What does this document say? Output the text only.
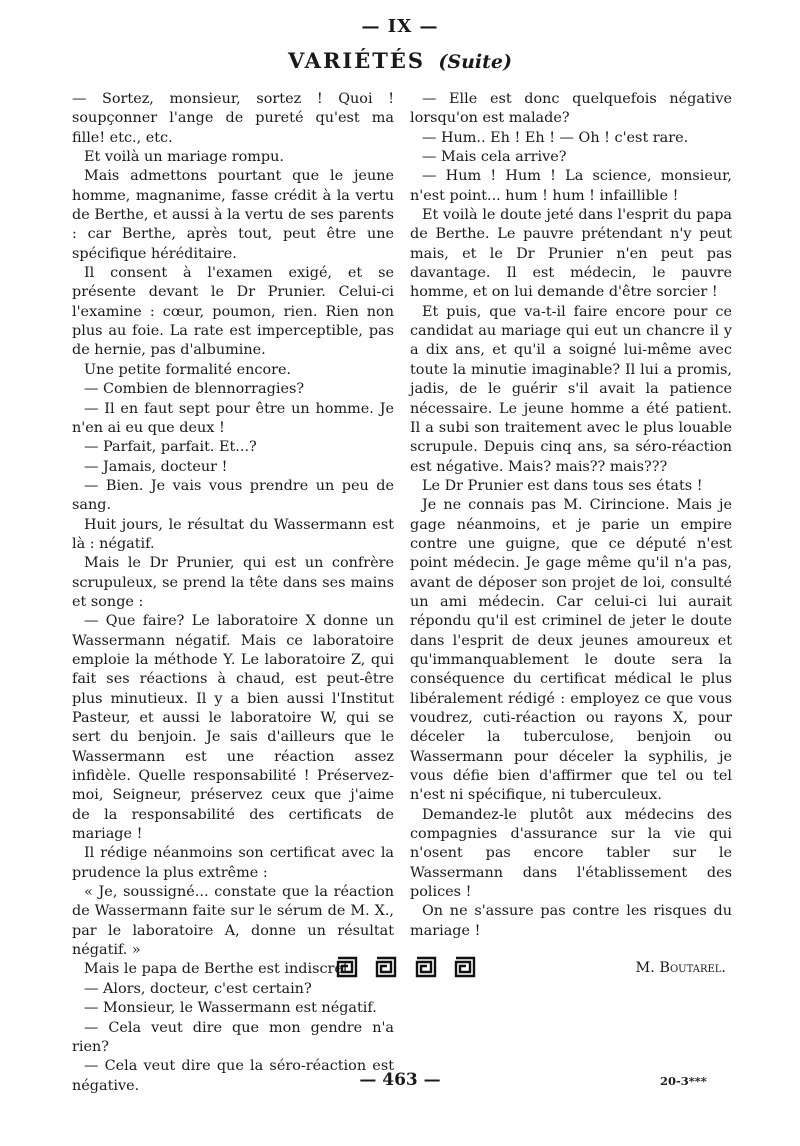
— IX —
VARIÉTÉS (Suite)

— Sortez, monsieur, sortez ! Quoi ! soupçonner l'ange de pureté qu'est ma fille! etc., etc.

Et voilà un mariage rompu.

Mais admettons pourtant que le jeune homme, magnanime, fasse crédit à la vertu de Berthe, et aussi à la vertu de ses parents : car Berthe, après tout, peut être une spécifique héréditaire.

Il consent à l'examen exigé, et se présente devant le Dr Prunier. Celui-ci l'examine : cœur, poumon, rien. Rien non plus au foie. La rate est imperceptible, pas de hernie, pas d'albumine.

Une petite formalité encore.

— Combien de blennorragies?

— Il en faut sept pour être un homme. Je n'en ai eu que deux !

— Parfait, parfait. Et...?

— Jamais, docteur !

— Bien. Je vais vous prendre un peu de sang.

Huit jours, le résultat du Wassermann est là : négatif.

Mais le Dr Prunier, qui est un confrère scrupuleux, se prend la tête dans ses mains et songe :

— Que faire? Le laboratoire X donne un Wassermann négatif. Mais ce laboratoire emploie la méthode Y. Le laboratoire Z, qui fait ses réactions à chaud, est peut-être plus minutieux. Il y a bien aussi l'Institut Pasteur, et aussi le laboratoire W, qui se sert du benjoin. Je sais d'ailleurs que le Wassermann est une réaction assez infidèle. Quelle responsabilité ! Préservez-moi, Seigneur, préservez ceux que j'aime de la responsabilité des certificats de mariage !

Il rédige néanmoins son certificat avec la prudence la plus extrême :

« Je, soussigné... constate que la réaction de Wassermann faite sur le sérum de M. X., par le laboratoire A, donne un résultat négatif. »

Mais le papa de Berthe est indiscret :

— Alors, docteur, c'est certain?

— Monsieur, le Wassermann est négatif.

— Cela veut dire que mon gendre n'a rien?

— Cela veut dire que la séro-réaction est négative.

— Elle est donc quelquefois négative lorsqu'on est malade?

— Hum.. Eh ! Eh ! — Oh ! c'est rare.

— Mais cela arrive?

— Hum ! Hum ! La science, monsieur, n'est point... hum ! hum ! infaillible !

Et voilà le doute jeté dans l'esprit du papa de Berthe. Le pauvre prétendant n'y peut mais, et le Dr Prunier n'en peut pas davantage. Il est médecin, le pauvre homme, et on lui demande d'être sorcier !

Et puis, que va-t-il faire encore pour ce candidat au mariage qui eut un chancre il y a dix ans, et qu'il a soigné lui-même avec toute la minutie imaginable? Il lui a promis, jadis, de le guérir s'il avait la patience nécessaire. Le jeune homme a été patient. Il a subi son traitement avec le plus louable scrupule. Depuis cinq ans, sa séro-réaction est négative. Mais? mais?? mais???

Le Dr Prunier est dans tous ses états !

Je ne connais pas M. Cirincione. Mais je gage néanmoins, et je parie un empire contre une guigne, que ce député n'est point médecin. Je gage même qu'il n'a pas, avant de déposer son projet de loi, consulté un ami médecin. Car celui-ci lui aurait répondu qu'il est criminel de jeter le doute dans l'esprit de deux jeunes amoureux et qu'immanquablement le doute sera la conséquence du certificat médical le plus libéralement rédigé : employez ce que vous voudrez, cuti-réaction ou rayons X, pour déceler la tuberculose, benjoin ou Wassermann pour déceler la syphilis, je vous défie bien d'affirmer que tel ou tel n'est ni spécifique, ni tuberculeux.

Demandez-le plutôt aux médecins des compagnies d'assurance sur la vie qui n'osent pas encore tabler sur le Wassermann dans l'établissement des polices !

On ne s'assure pas contre les risques du mariage !

M. Boutarel.
— 463 —	20-3***
